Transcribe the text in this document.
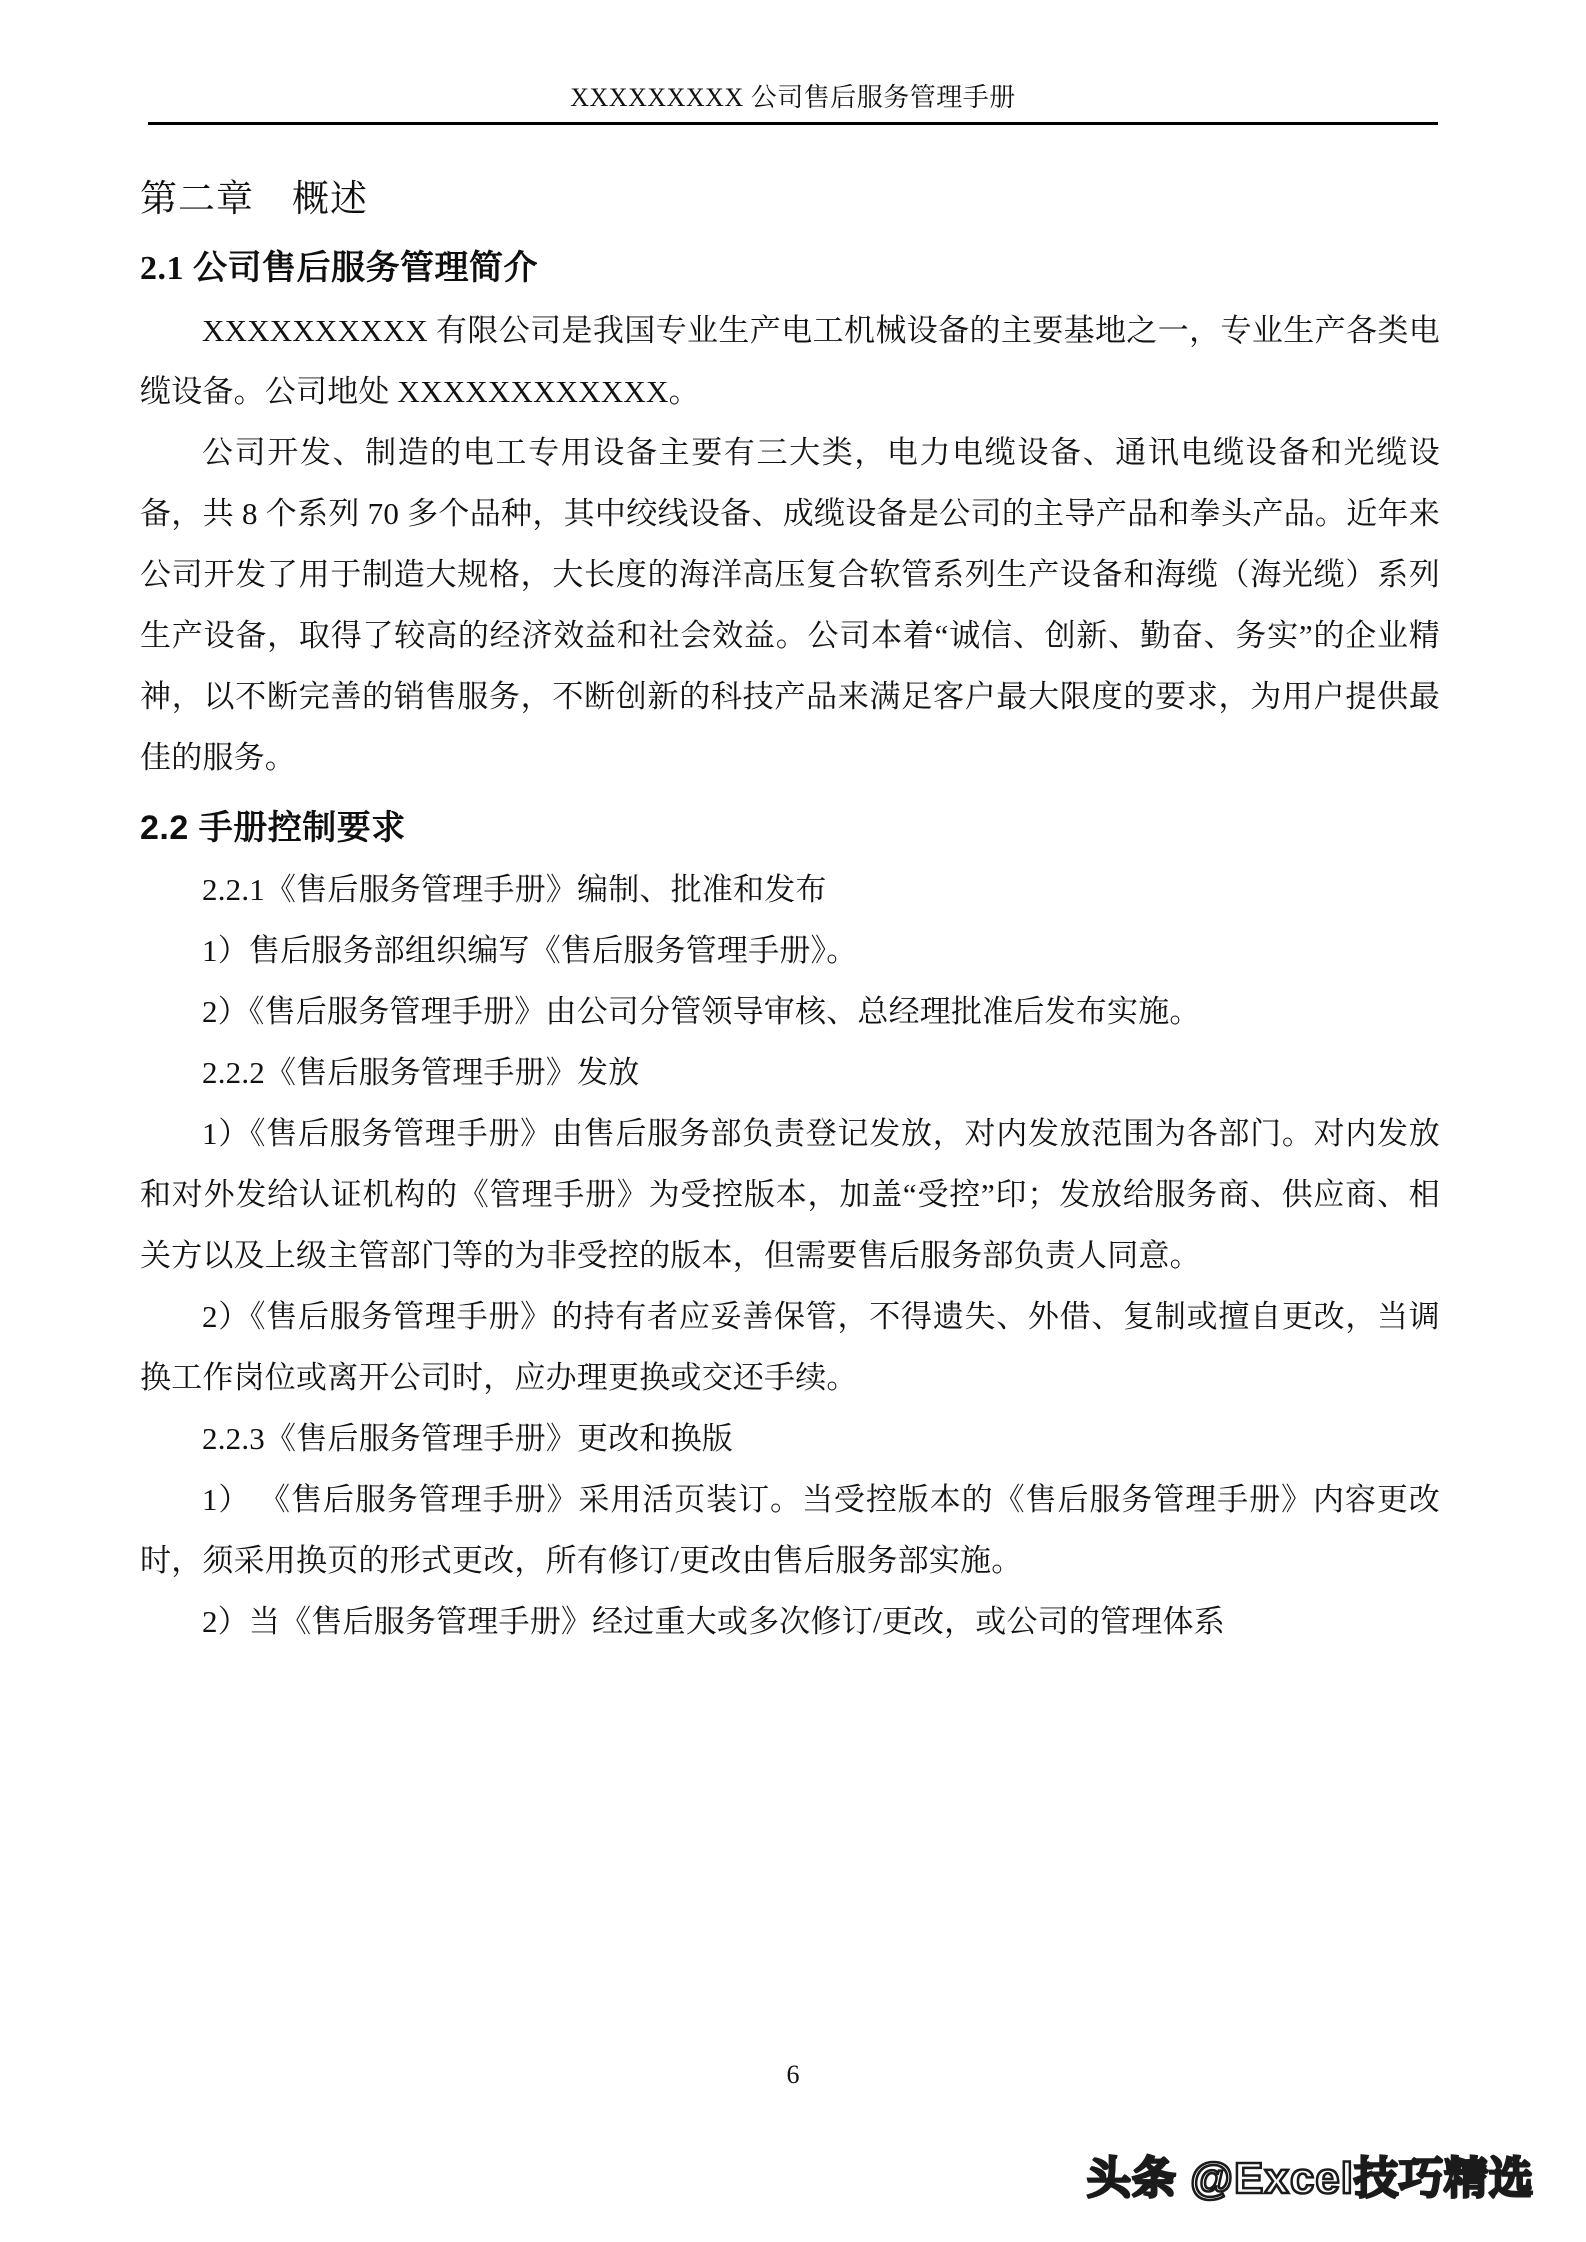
XXXXXXXXX 公司售后服务管理手册
第二章 概述
2.1 公司售后服务管理简介

XXXXXXXXXX 有限公司是我国专业生产电工机械设备的主要基地之一，专业生产各类电缆设备。公司地处 XXXXXXXXXXXX。

公司开发、制造的电工专用设备主要有三大类，电力电缆设备、通讯电缆设备和光缆设备，共 8 个系列 70 多个品种，其中绞线设备、成缆设备是公司的主导产品和拳头产品。近年来公司开发了用于制造大规格，大长度的海洋高压复合软管系列生产设备和海缆（海光缆）系列生产设备，取得了较高的经济效益和社会效益。公司本着“诚信、创新、勤奋、务实”的企业精神，以不断完善的销售服务，不断创新的科技产品来满足客户最大限度的要求，为用户提供最佳的服务。

2.2 手册控制要求

2.2.1《售后服务管理手册》编制、批准和发布

1）售后服务部组织编写《售后服务管理手册》。

2）《售后服务管理手册》由公司分管领导审核、总经理批准后发布实施。

2.2.2《售后服务管理手册》发放

1）《售后服务管理手册》由售后服务部负责登记发放，对内发放范围为各部门。对内发放和对外发给认证机构的《管理手册》为受控版本，加盖“受控”印；发放给服务商、供应商、相关方以及上级主管部门等的为非受控的版本，但需要售后服务部负责人同意。

2）《售后服务管理手册》的持有者应妥善保管，不得遗失、外借、复制或擅自更改，当调换工作岗位或离开公司时，应办理更换或交还手续。

2.2.3《售后服务管理手册》更改和换版

1） 《售后服务管理手册》采用活页装订。当受控版本的《售后服务管理手册》内容更改时，须采用换页的形式更改，所有修订/更改由售后服务部实施。

2）当《售后服务管理手册》经过重大或多次修订/更改，或公司的管理体系

6
头条 @Excel技巧精选
